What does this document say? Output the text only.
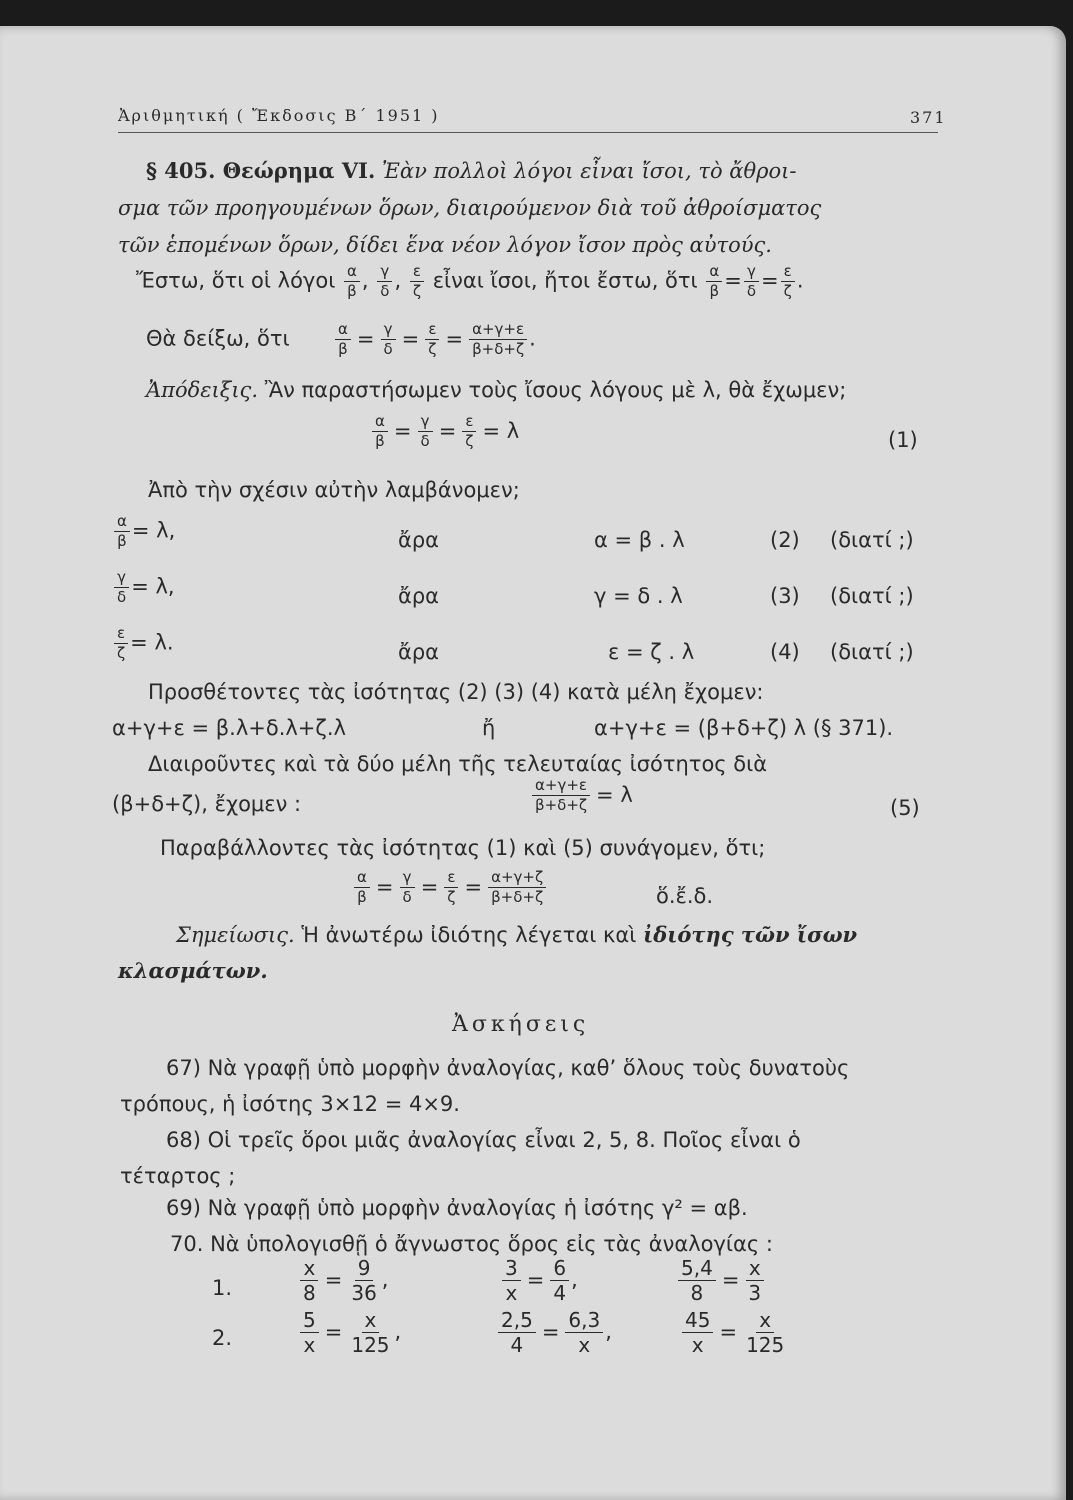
Ἀριθμητική ( Ἔκδοσις Β΄ 1951 )	371
§ 405. Θεώρημα VI. Ἐὰν πολλοὶ λόγοι εἶναι ἴσοι, τὸ ἄθροι-
σμα τῶν προηγουμένων ὅρων, διαιρούμενον διὰ τοῦ ἀθροίσματος
τῶν ἑπομένων ὅρων, δίδει ἕνα νέον λόγον ἴσον πρὸς αὐτούς.
Ἔστω, ὅτι οἱ λόγοι $\frac{\alpha}{\beta}$ , $\frac{\gamma}{\delta}$ , $\frac{\varepsilon}{\zeta}$ εἶναι ἴσοι, ἤτοι ἔστω, ὅτι $\frac{\alpha}{\beta} = \frac{\gamma}{\delta} = \frac{\varepsilon}{\zeta}$ .
Θὰ δείξω, ὅτι	$\frac{\alpha}{\beta} = \frac{\gamma}{\delta} = \frac{\varepsilon}{\zeta} = \frac{\alpha+\gamma+\varepsilon}{\beta+\delta+\zeta}$ .
Ἀπόδειξις. Ἂν παραστήσωμεν τοὺς ἴσους λόγους μὲ λ, θὰ ἔχωμεν;
$\frac{\alpha}{\beta} = \frac{\gamma}{\delta} = \frac{\varepsilon}{\zeta} = \lambda$	(1)
Ἀπὸ τὴν σχέσιν αὐτὴν λαμβάνομεν;
$\frac{\alpha}{\beta} = \lambda$,	ἄρα	α = β . λ	(2) (διατί ;)
$\frac{\gamma}{\delta} = \lambda$,	ἄρα	γ = δ . λ	(3) (διατί ;)
$\frac{\varepsilon}{\zeta} = \lambda$.	ἄρα	ε = ζ . λ	(4) (διατί ;)
Προσθέτοντες τὰς ἰσότητας (2) (3) (4) κατὰ μέλη ἔχομεν:
α+γ+ε = β.λ+δ.λ+ζ.λ	ἤ	α+γ+ε = (β+δ+ζ) λ (§ 371).
Διαιροῦντες καὶ τὰ δύο μέλη τῆς τελευταίας ἰσότητος διὰ
(β+δ+ζ), ἔχομεν :	$\frac{\alpha+\gamma+\varepsilon}{\beta+\delta+\zeta} = \lambda$
(5)
Παραβάλλοντες τὰς ἰσότητας (1) καὶ (5) συνάγομεν, ὅτι;
$\frac{\alpha}{\beta} = \frac{\gamma}{\delta} = \frac{\varepsilon}{\zeta} = \frac{\alpha+\gamma+\zeta}{\beta+\delta+\zeta}$	ὅ.ἔ.δ.
Σημείωσις. Ἡ ἀνωτέρω ἰδιότης λέγεται καὶ ἰδιότης τῶν ἴσων
κλασμάτων.
Ἀσκήσεις
67) Νὰ γραφῇ ὑπὸ μορφὴν ἀναλογίας, καθ’ ὅλους τοὺς δυνατοὺς
τρόπους, ἡ ἰσότης 3×12 = 4×9.
68) Οἱ τρεῖς ὅροι μιᾶς ἀναλογίας εἶναι 2, 5, 8. Ποῖος εἶναι ὁ
τέταρτος ;
69) Νὰ γραφῇ ὑπὸ μορφὴν ἀναλογίας ἡ ἰσότης γ² = αβ.
70. Νὰ ὑπολογισθῇ ὁ ἄγνωστος ὅρος εἰς τὰς ἀναλογίας :
1.	$\frac{x}{8} = \frac{9}{36}$ ,	$\frac{3}{x} = \frac{6}{4}$ ,	$\frac{5,4}{8} = \frac{x}{3}$
2.	$\frac{5}{x} = \frac{x}{125}$ ,	$\frac{2,5}{4} = \frac{6,3}{x}$ ,	$\frac{45}{x} = \frac{x}{125}$
